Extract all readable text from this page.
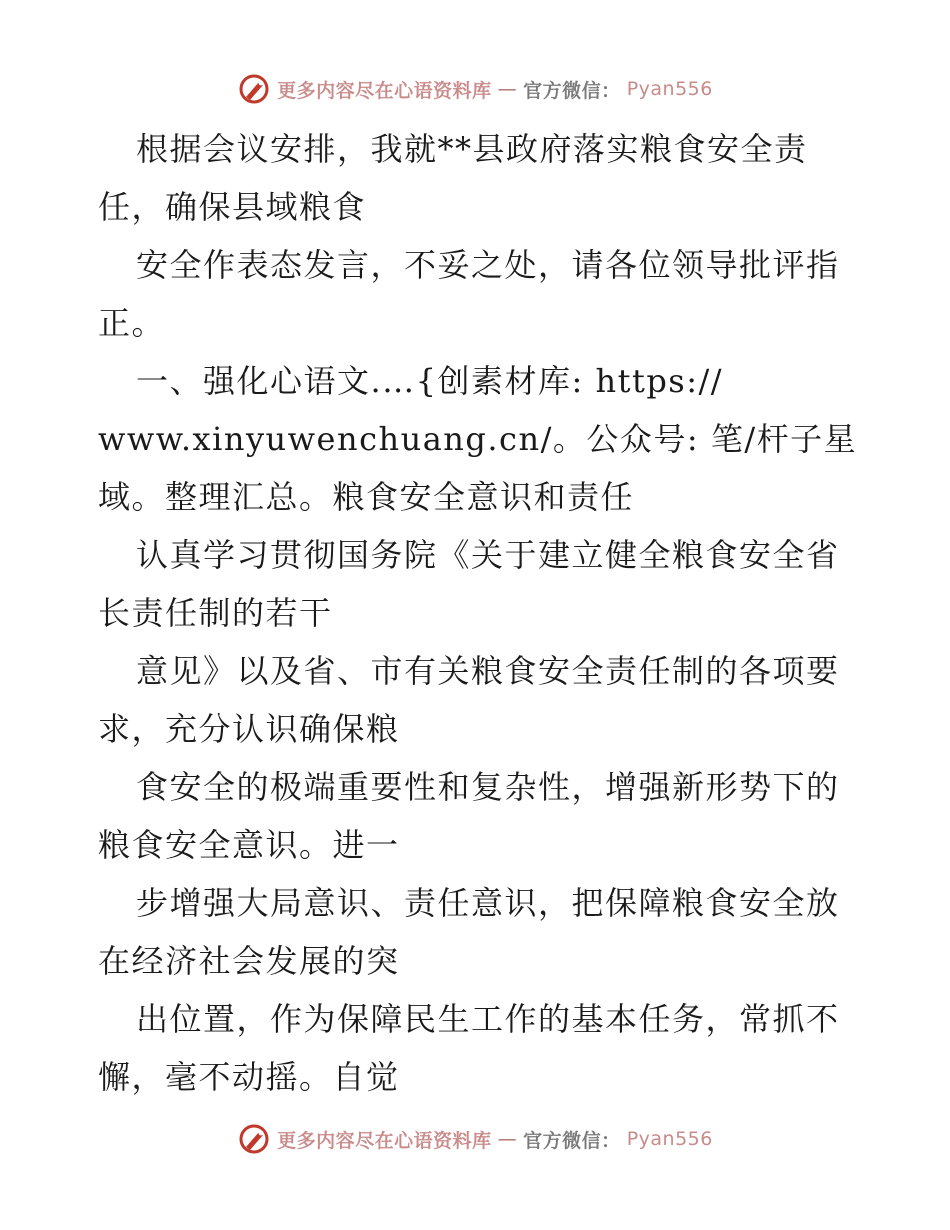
更多内容尽在心语资料库 — 官方微信： Pyan556
根据会议安排，我就**县政府落实粮食安全责
任，确保县域粮食
安全作表态发言，不妥之处，请各位领导批评指
正。
一、强化心语文.…{创素材库: https://
www.xinyuwenchuang.cn/。公众号: 笔/杆子星
域。整理汇总。粮食安全意识和责任
认真学习贯彻国务院《关于建立健全粮食安全省
长责任制的若干
意见》以及省、市有关粮食安全责任制的各项要
求，充分认识确保粮
食安全的极端重要性和复杂性，增强新形势下的
粮食安全意识。进一
步增强大局意识、责任意识，把保障粮食安全放
在经济社会发展的突
出位置，作为保障民生工作的基本任务，常抓不
懈，毫不动摇。自觉
更多内容尽在心语资料库 — 官方微信： Pyan556
